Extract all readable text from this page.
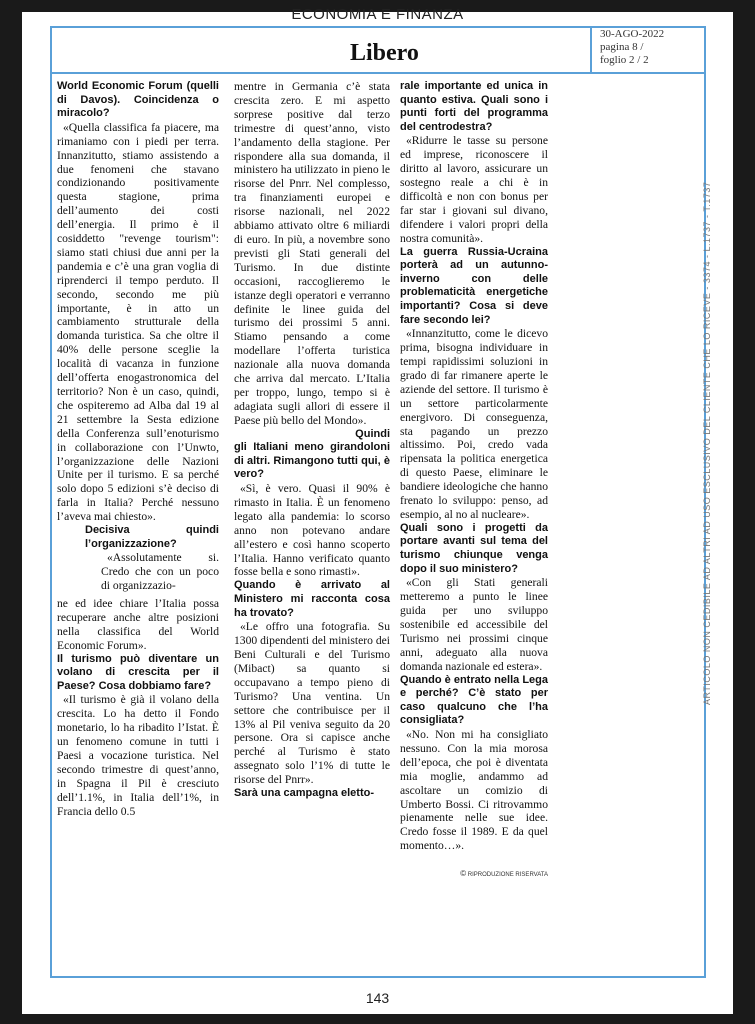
ECONOMIA E FINANZA
Libero
30-AGO-2022
pagina 8 /
foglio 2 / 2
ARTICOLO NON CEDIBILE AD ALTRI AD USO ESCLUSIVO DEL CLIENTE CHE LO RICEVE - 3374 - L.1737 - T.1737

World Economic Forum (quelli di Davos). Coincidenza o miracolo?

«Quella classifica fa piacere, ma rimaniamo con i piedi per terra. Innanzitutto, stiamo assistendo a due fenomeni che stavano condizionando positivamente questa stagione, prima dell’aumento dei costi dell’energia. Il primo è il cosiddetto "revenge tourism": siamo stati chiusi due anni per la pandemia e c’è una gran voglia di riprenderci il tempo perduto. Il secondo, secondo me più importante, è in atto un cambiamento strutturale della domanda turistica. Sa che oltre il 40% delle persone sceglie la località di vacanza in funzione dell’offerta enogastronomica del territorio? Non è un caso, quindi, che ospiteremo ad Alba dal 19 al 21 settembre la Sesta edizione della Conferenza sull’enoturismo in collaborazione con l’Unwto, l’organizzazione delle Nazioni Unite per il turismo. E sa perché solo dopo 5 edizioni s’è deciso di farla in Italia? Perché nessuno l’aveva mai chiesto».

Decisiva quindi l’organizzazione?

«Assolutamente si. Credo che con un poco di organizzazio-

ne ed idee chiare l’Italia possa recuperare anche altre posizioni nella classifica del World Economic Forum».

Il turismo può diventare un volano di crescita per il Paese? Cosa dobbiamo fare?

«Il turismo è già il volano della crescita. Lo ha detto il Fondo monetario, lo ha ribadito l’Istat. È un fenomeno comune in tutti i Paesi a vocazione turistica. Nel secondo trimestre di quest’anno, in Spagna il Pil è cresciuto dell’1.1%, in Italia dell’1%, in Francia dello 0.5

mentre in Germania c’è stata crescita zero. E mi aspetto sorprese positive dal terzo trimestre di quest’anno, visto l’andamento della stagione. Per rispondere alla sua domanda, il ministero ha utilizzato in pieno le risorse del Pnrr. Nel complesso, tra finanziamenti europei e risorse nazionali, nel 2022 abbiamo attivato oltre 6 miliardi di euro. In più, a novembre sono previsti gli Stati generali del Turismo. In due distinte occasioni, raccoglieremo le istanze degli operatori e verranno definite le linee guida del turismo dei prossimi 5 anni. Stiamo pensando a come modellare l’offerta turistica nazionale alla nuova domanda che arriva dal mercato. L’Italia per troppo, lungo, tempo si è adagiata sugli allori di essere il Paese più bello del Mondo».

Quindi

gli Italiani meno girandoloni di altri. Rimangono tutti qui, è vero?

«Sì, è vero. Quasi il 90% è rimasto in Italia. È un fenomeno legato alla pandemia: lo scorso anno non potevano andare all’estero e così hanno scoperto l’Italia. Hanno verificato quanto fosse bella e sono rimasti».

Quando è arrivato al Ministero mi racconta cosa ha trovato?

«Le offro una fotografia. Su 1300 dipendenti del ministero dei Beni Culturali e del Turismo (Mibact) sa quanto si occupavano a tempo pieno di Turismo? Una ventina. Un settore che contribuisce per il 13% al Pil veniva seguito da 20 persone. Ora si capisce anche perché al Turismo è stato assegnato solo l’1% di tutte le risorse del Pnrr».

Sarà una campagna eletto-

rale importante ed unica in quanto estiva. Quali sono i punti forti del programma del centrodestra?

«Ridurre le tasse su persone ed imprese, riconoscere il diritto al lavoro, assicurare un sostegno reale a chi è in difficoltà e non con bonus per far star i giovani sul divano, difendere i valori propri della nostra comunità».

La guerra Russia-Ucraina porterà ad un autunno-inverno con delle problematicità energetiche importanti? Cosa si deve fare secondo lei?

«Innanzitutto, come le dicevo prima, bisogna individuare in tempi rapidissimi soluzioni in grado di far rimanere aperte le aziende del settore. Il turismo è un settore particolarmente energivoro. Di conseguenza, sta pagando un prezzo altissimo. Poi, credo vada ripensata la politica energetica di questo Paese, eliminare le bandiere ideologiche che hanno frenato lo sviluppo: penso, ad esempio, al no al nucleare».

Quali sono i progetti da portare avanti sul tema del turismo chiunque venga dopo il suo ministero?

«Con gli Stati generali metteremo a punto le linee guida per uno sviluppo sostenibile ed accessibile del Turismo nei prossimi cinque anni, adeguato alla nuova domanda nazionale ed estera».

Quando è entrato nella Lega e perché? C’è stato per caso qualcuno che l’ha consigliata?

«No. Non mi ha consigliato nessuno. Con la mia morosa dell’epoca, che poi è diventata mia moglie, andammo ad ascoltare un comizio di Umberto Bossi. Ci ritrovammo pienamente nelle sue idee. Credo fosse il 1989. E da quel momento…».

© RIPRODUZIONE RISERVATA
143
